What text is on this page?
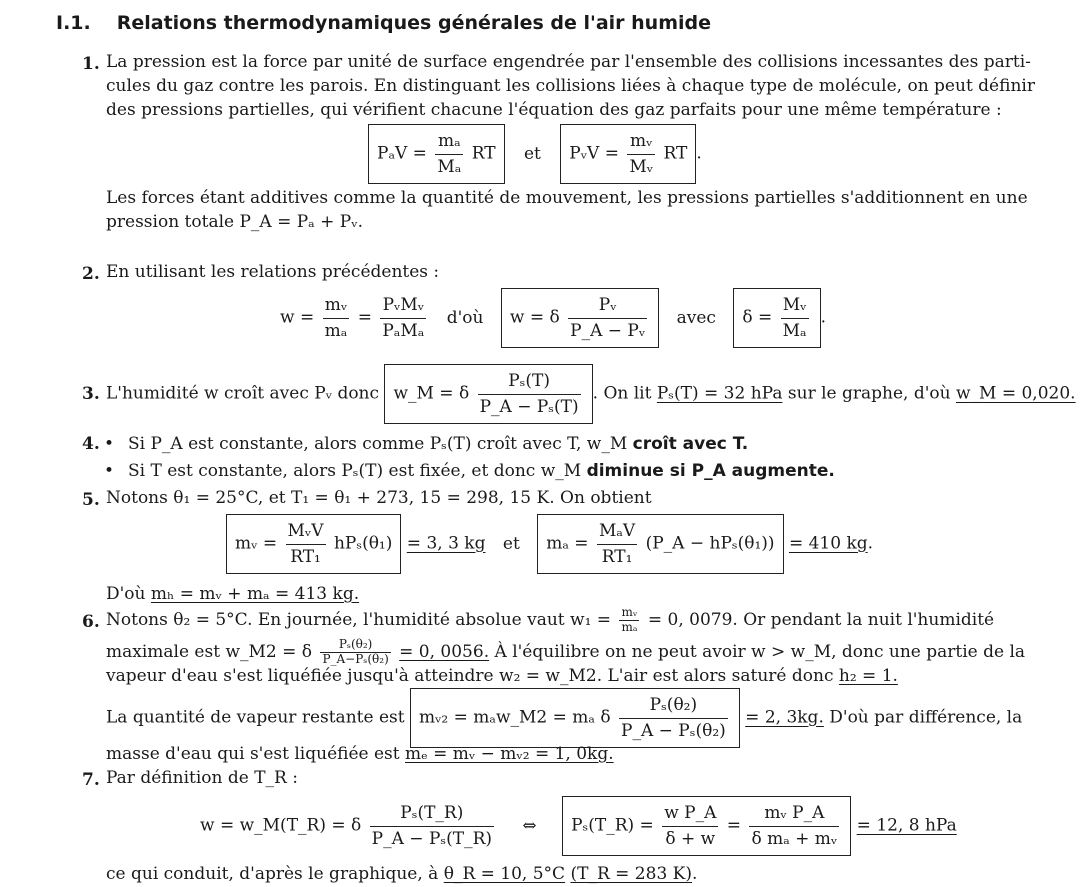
I.1. Relations thermodynamiques générales de l'air humide
1. La pression est la force par unité de surface engendrée par l'ensemble des collisions incessantes des parti-
cules du gaz contre les parois. En distinguant les collisions liées à chaque type de molécule, on peut définir
des pressions partielles, qui vérifient chacune l'équation des gaz parfaits pour une même température :
$P_aV = \frac{\text{mₐ}}{\text{Mₐ}}$ RT et PᵥV = $\frac{\text{mᵥ}}{\text{Mᵥ}}$ RT .
Les forces étant additives comme la quantité de mouvement, les pressions partielles s'additionnent en une
pression totale P_A = Pₐ + Pᵥ.
2. En utilisant les relations précédentes :
$w = \frac{\text{mᵥ}}{\text{mₐ}} = \frac{\text{PᵥMᵥ}}{\text{PₐMₐ}}$ d'où w = δ $\frac{\text{Pᵥ}}{\text{P\_A − Pᵥ}}$ avec $\delta = \frac{\text{Mᵥ}}{\text{Mₐ}}$ .
3. L'humidité w croît avec Pᵥ donc w_M = δ $\frac{\text{Pₛ(T)}}{\text{P\_A − Pₛ(T)}}$ . On lit Pₛ(T) = 32 hPa sur le graphe, d'où w_M = 0,020.
4.
• Si P_A est constante, alors comme Pₛ(T) croît avec T, w_M croît avec T.
• Si T est constante, alors Pₛ(T) est fixée, et donc w_M diminue si P_A augmente.
5. Notons θ₁ = 25°C, et T₁ = θ₁ + 273, 15 = 298, 15 K. On obtient
mᵥ = $\frac{\text{MᵥV}}{\text{RT₁}} hP_s(\theta_1) = 3$, 3 kg et $m_a = \frac{\text{MₐV}}{\text{RT₁}}$ (P_A − hPₛ(θ₁)) = 410 kg.
D'où mₕ = mᵥ + mₐ = 413 kg.
6. Notons θ₂ = 5°C. En journée, l'humidité absolue vaut $w_1 = \frac{\text{mᵥ}}{\text{mₐ}} = 0$, 0079. Or pendant la nuit l'humidité
maximale est w_M2 = δ $\frac{\text{Pₛ(θ₂)}}{\text{P\_A−Pₛ(θ₂)}} = 0$, 0056. À l'équilibre on ne peut avoir w > w_M, donc une partie de la
vapeur d'eau s'est liquéfiée jusqu'à atteindre w₂ = w_M2. L'air est alors saturé donc h₂ = 1.
La quantité de vapeur restante est mᵥ₂ = mₐw_M2 = mₐ δ $\frac{\text{Pₛ(θ₂)}}{\text{P\_A − Pₛ(θ₂)}} = 2$, 3kg. D'où par différence, la
masse d'eau qui s'est liquéfiée est mₑ = mᵥ − mᵥ₂ = 1, 0kg.
7. Par définition de T_R :
w = w_M(T_R) = δ $\frac{\text{Pₛ(T\_R)}}{\text{P\_A − Pₛ(T\_R)}}$ ⇔ Pₛ(T_R) = $\frac{\text{w P\_A}}{\delta + w} = \frac{\text{mᵥ P\_A}}{\text{δ mₐ + mᵥ}} = 12$, 8 hPa
ce qui conduit, d'après le graphique, à θ_R = 10, 5°C (T_R = 283 K).
